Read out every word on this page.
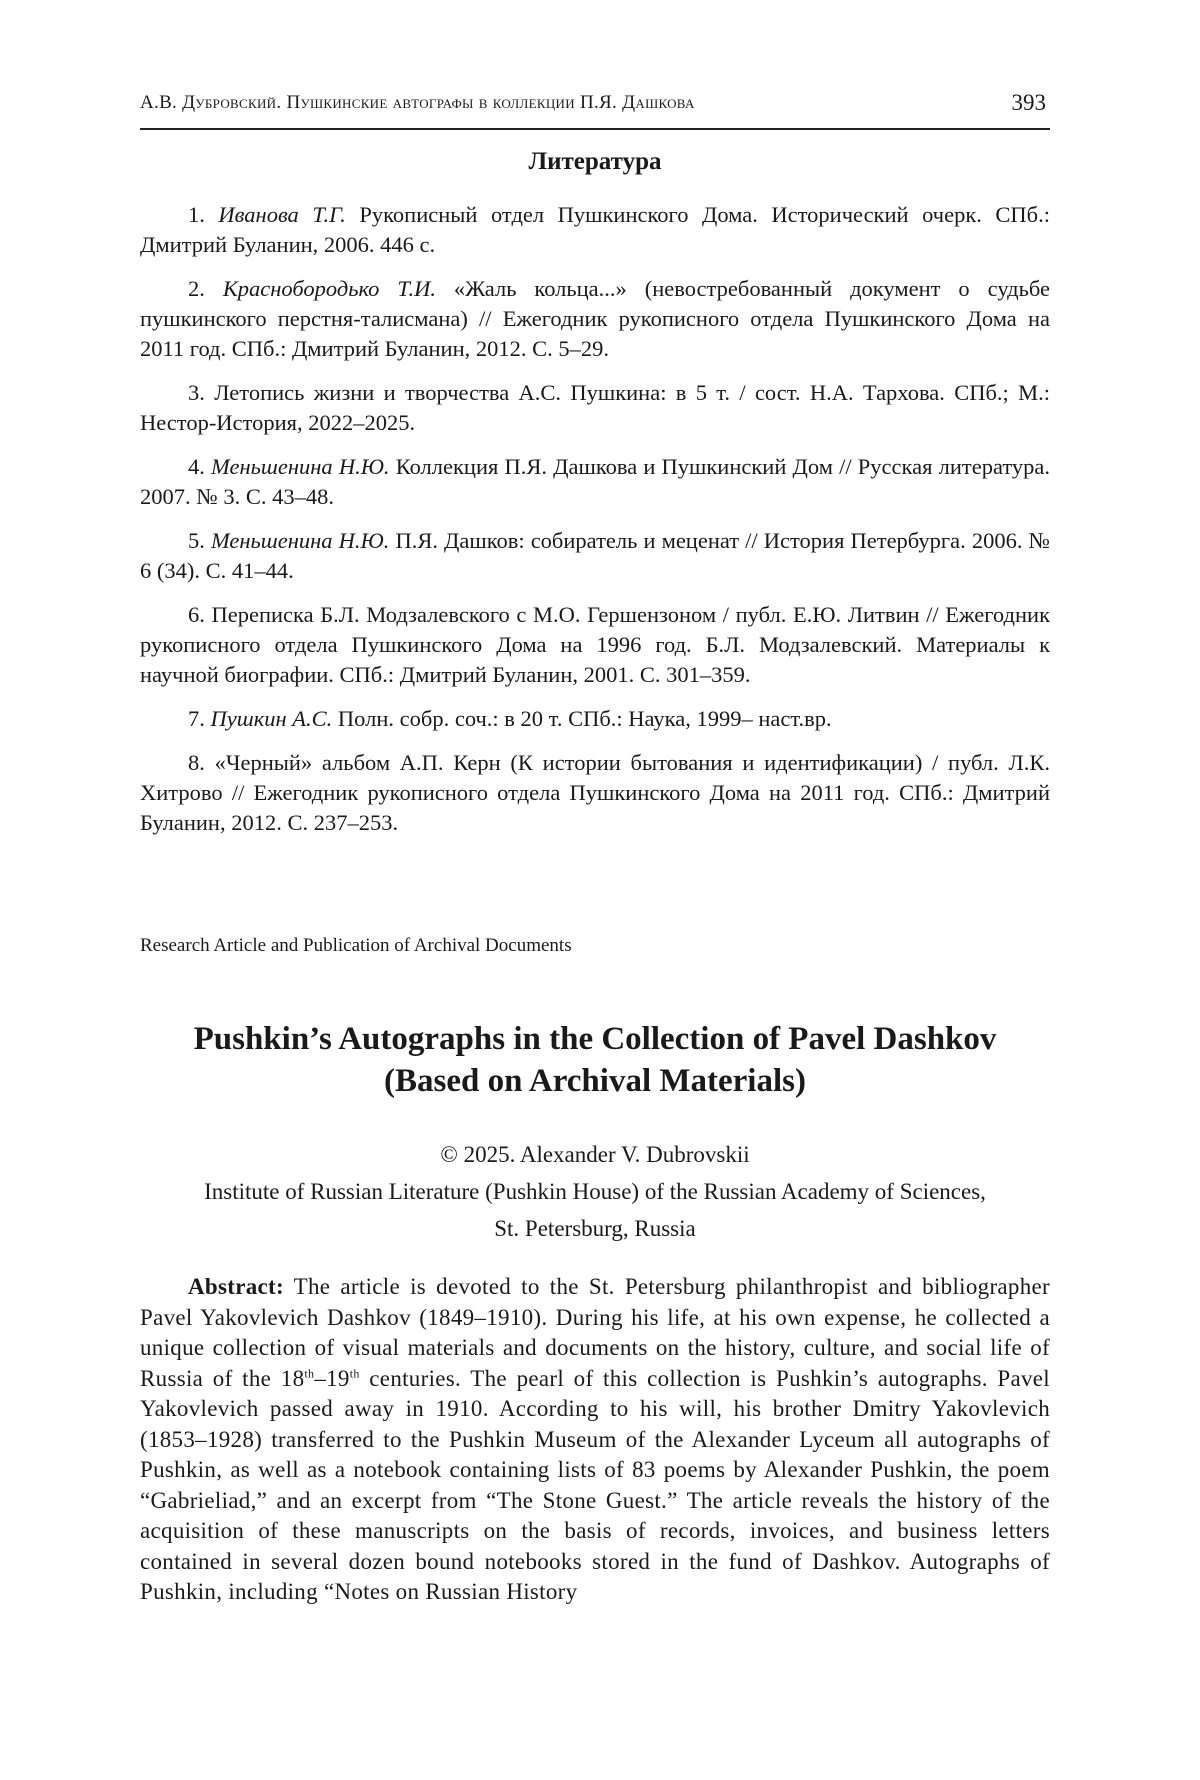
А.В. Дубровский. Пушкинские автографы в коллекции П.Я. Дашкова	393
Литература
1. Иванова Т.Г. Рукописный отдел Пушкинского Дома. Исторический очерк. СПб.: Дмитрий Буланин, 2006. 446 с.
2. Краснобородько Т.И. «Жаль кольца...» (невостребованный документ о судьбе пушкинского перстня-талисмана) // Ежегодник рукописного отдела Пушкинского Дома на 2011 год. СПб.: Дмитрий Буланин, 2012. С. 5–29.
3. Летопись жизни и творчества А.С. Пушкина: в 5 т. / сост. Н.А. Тархова. СПб.; М.: Нестор-История, 2022–2025.
4. Меньшенина Н.Ю. Коллекция П.Я. Дашкова и Пушкинский Дом // Русская литература. 2007. № 3. С. 43–48.
5. Меньшенина Н.Ю. П.Я. Дашков: собиратель и меценат // История Петербурга. 2006. № 6 (34). С. 41–44.
6. Переписка Б.Л. Модзалевского с М.О. Гершензоном / публ. Е.Ю. Литвин // Ежегодник рукописного отдела Пушкинского Дома на 1996 год. Б.Л. Модзалевский. Материалы к научной биографии. СПб.: Дмитрий Буланин, 2001. С. 301–359.
7. Пушкин А.С. Полн. собр. соч.: в 20 т. СПб.: Наука, 1999– наст.вр.
8. «Черный» альбом А.П. Керн (К истории бытования и идентификации) / публ. Л.К. Хитрово // Ежегодник рукописного отдела Пушкинского Дома на 2011 год. СПб.: Дмитрий Буланин, 2012. С. 237–253.
Research Article and Publication of Archival Documents
Pushkin’s Autographs in the Collection of Pavel Dashkov
(Based on Archival Materials)
© 2025. Alexander V. Dubrovskii
Institute of Russian Literature (Pushkin House) of the Russian Academy of Sciences,
St. Petersburg, Russia

Abstract: The article is devoted to the St. Petersburg philanthropist and bibliographer Pavel Yakovlevich Dashkov (1849–1910). During his life, at his own expense, he collected a unique collection of visual materials and documents on the history, culture, and social life of Russia of the 18th–19th centuries. The pearl of this collection is Pushkin’s autographs. Pavel Yakovlevich passed away in 1910. According to his will, his brother Dmitry Yakovlevich (1853–1928) transferred to the Pushkin Museum of the Alexander Lyceum all autographs of Pushkin, as well as a notebook containing lists of 83 poems by Alexander Pushkin, the poem “Gabrieliad,” and an excerpt from “The Stone Guest.” The article reveals the history of the acquisition of these manuscripts on the basis of records, invoices, and business letters contained in several dozen bound notebooks stored in the fund of Dashkov. Autographs of Pushkin, including “Notes on Russian History
